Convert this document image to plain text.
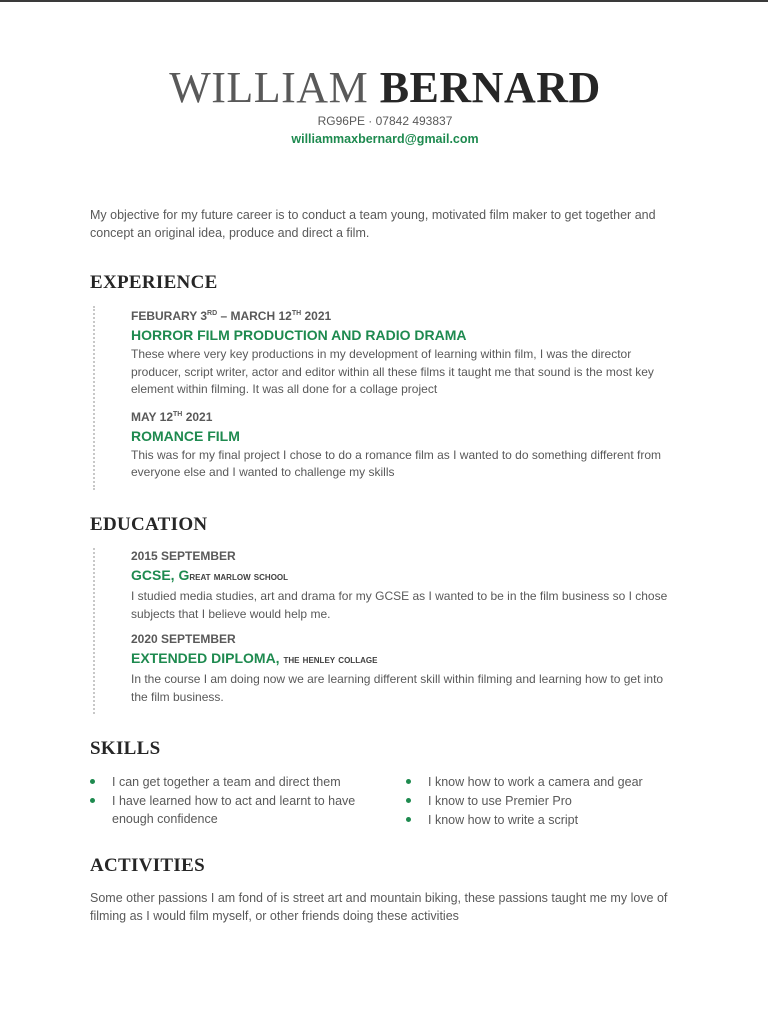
WILLIAM BERNARD
RG96PE · 07842 493837
williammaxbernard@gmail.com
My objective for my future career is to conduct a team young, motivated film maker to get together and concept an original idea, produce and direct a film.
EXPERIENCE
FEBURARY 3RD – MARCH 12TH 2021
HORROR FILM PRODUCTION AND RADIO DRAMA
These where very key productions in my development of learning within film, I was the director producer, script writer, actor and editor within all these films it taught me that sound is the most key element within filming. It was all done for a collage project
MAY 12TH 2021
ROMANCE FILM
This was for my final project I chose to do a romance film as I wanted to do something different from everyone else and I wanted to challenge my skills
EDUCATION
2015 SEPTEMBER
GCSE, Great marlow school
I studied media studies, art and drama for my GCSE as I wanted to be in the film business so I chose subjects that I believe would help me.
2020 SEPTEMBER
EXTENDED DIPLOMA, the henley collage
In the course I am doing now we are learning different skill within filming and learning how to get into the film business.
SKILLS
I can get together a team and direct them
I have learned how to act and learnt to have enough confidence
I know how to work a camera and gear
I know to use Premier Pro
I know how to write a script
ACTIVITIES
Some other passions I am fond of is street art and mountain biking, these passions taught me my love of filming as I would film myself, or other friends doing these activities
